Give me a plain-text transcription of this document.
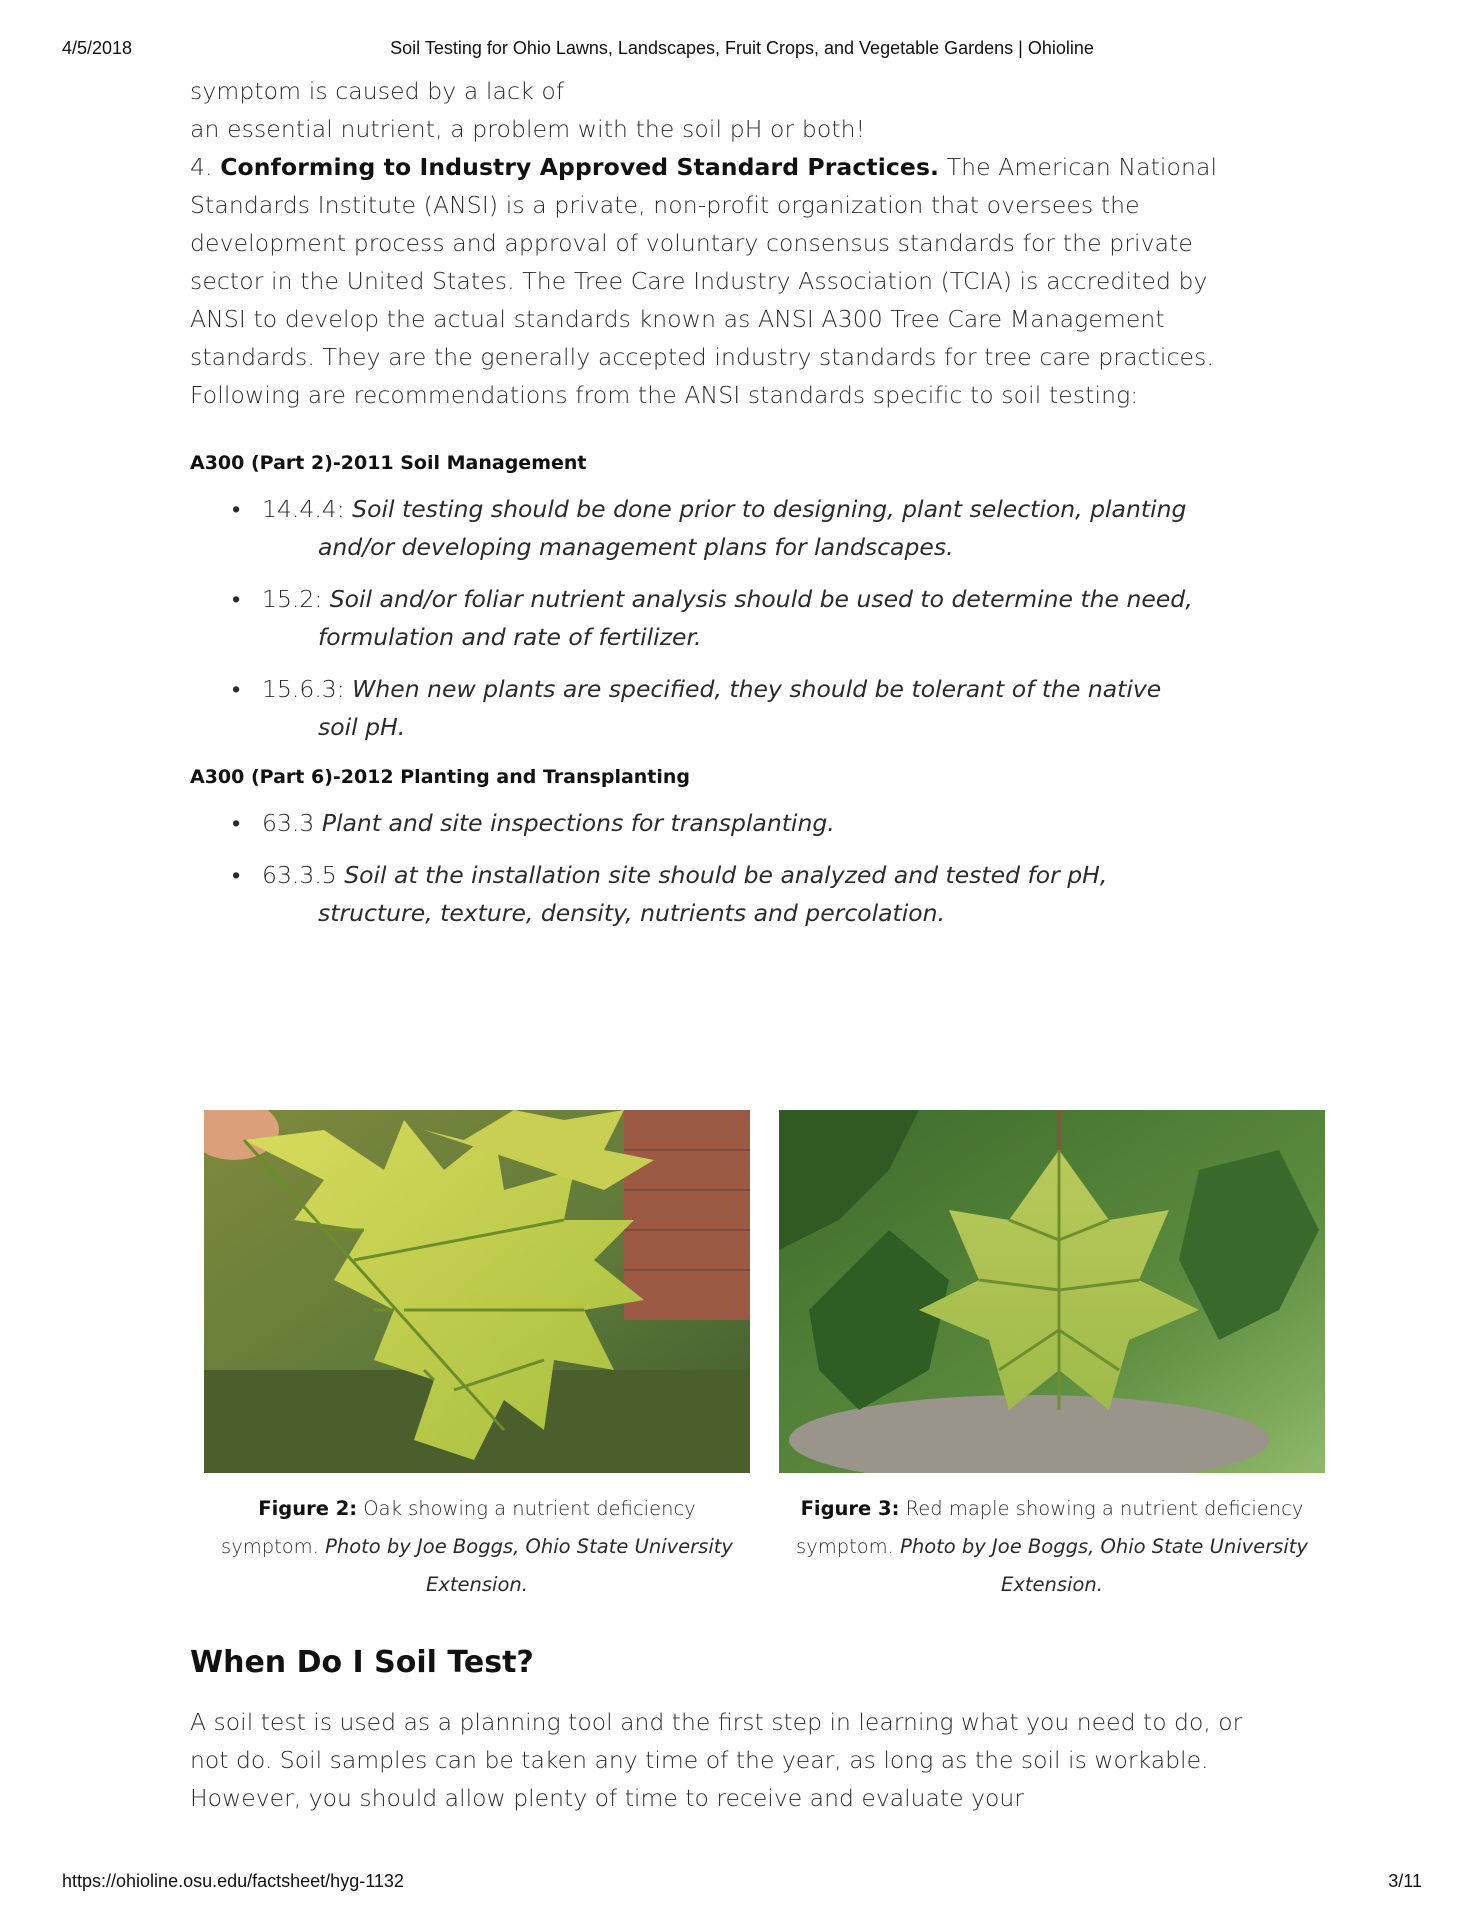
4/5/2018	Soil Testing for Ohio Lawns, Landscapes, Fruit Crops, and Vegetable Gardens | Ohioline

symptom is caused by a lack of
an essential nutrient, a problem with the soil pH or both!

4. Conforming to Industry Approved Standard Practices. The American National Standards Institute (ANSI) is a private, non-profit organization that oversees the development process and approval of voluntary consensus standards for the private sector in the United States. The Tree Care Industry Association (TCIA) is accredited by ANSI to develop the actual standards known as ANSI A300 Tree Care Management standards. They are the generally accepted industry standards for tree care practices.

Following are recommendations from the ANSI standards specific to soil testing:

A300 (Part 2)-2011 Soil Management
• 14.4.4: Soil testing should be done prior to designing, plant selection, planting
and/or developing management plans for landscapes.
• 15.2: Soil and/or foliar nutrient analysis should be used to determine the need,
formulation and rate of fertilizer.
• 15.6.3: When new plants are specified, they should be tolerant of the native
soil pH.
A300 (Part 6)-2012 Planting and Transplanting
• 63.3 Plant and site inspections for transplanting.
• 63.3.5 Soil at the installation site should be analyzed and tested for pH,
structure, texture, density, nutrients and percolation.
Figure 2: Oak showing a nutrient deficiency
symptom. Photo by Joe Boggs, Ohio State University
Extension.
Figure 3: Red maple showing a nutrient deficiency
symptom. Photo by Joe Boggs, Ohio State University
Extension.
When Do I Soil Test?

A soil test is used as a planning tool and the first step in learning what you need to do, or not do. Soil samples can be taken any time of the year, as long as the soil is workable. However, you should allow plenty of time to receive and evaluate your

https://ohioline.osu.edu/factsheet/hyg-1132	3/11
